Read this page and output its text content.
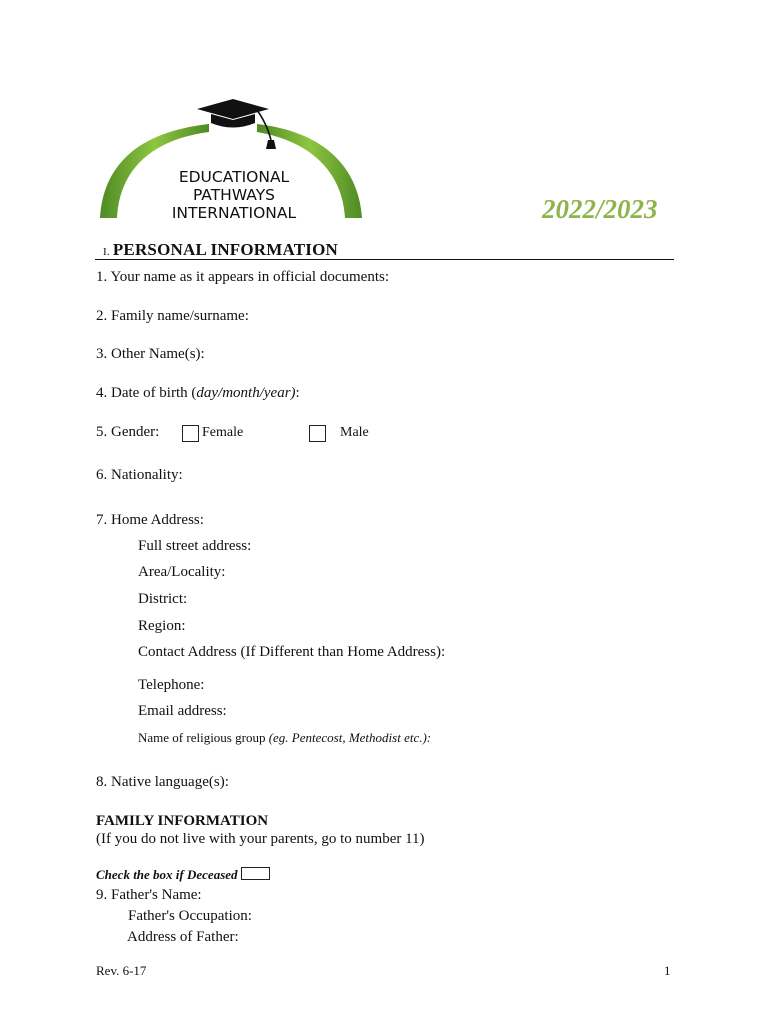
EDUCATIONAL
PATHWAYS
INTERNATIONAL	2022/2023
I. PERSONAL INFORMATION
1. Your name as it appears in official documents:
2. Family name/surname:
3. Other Name(s):
4. Date of birth (day/month/year):
5. Gender:	Female	Male
6. Nationality:
7. Home Address:
Full street address:
Area/Locality:
District:
Region:
Contact Address (If Different than Home Address):
Telephone:
Email address:
Name of religious group (eg. Pentecost, Methodist etc.):
8. Native language(s):
FAMILY INFORMATION
(If you do not live with your parents, go to number 11)
Check the box if Deceased
9. Father's Name:
Father's Occupation:
Address of Father:
Rev. 6-17	1
